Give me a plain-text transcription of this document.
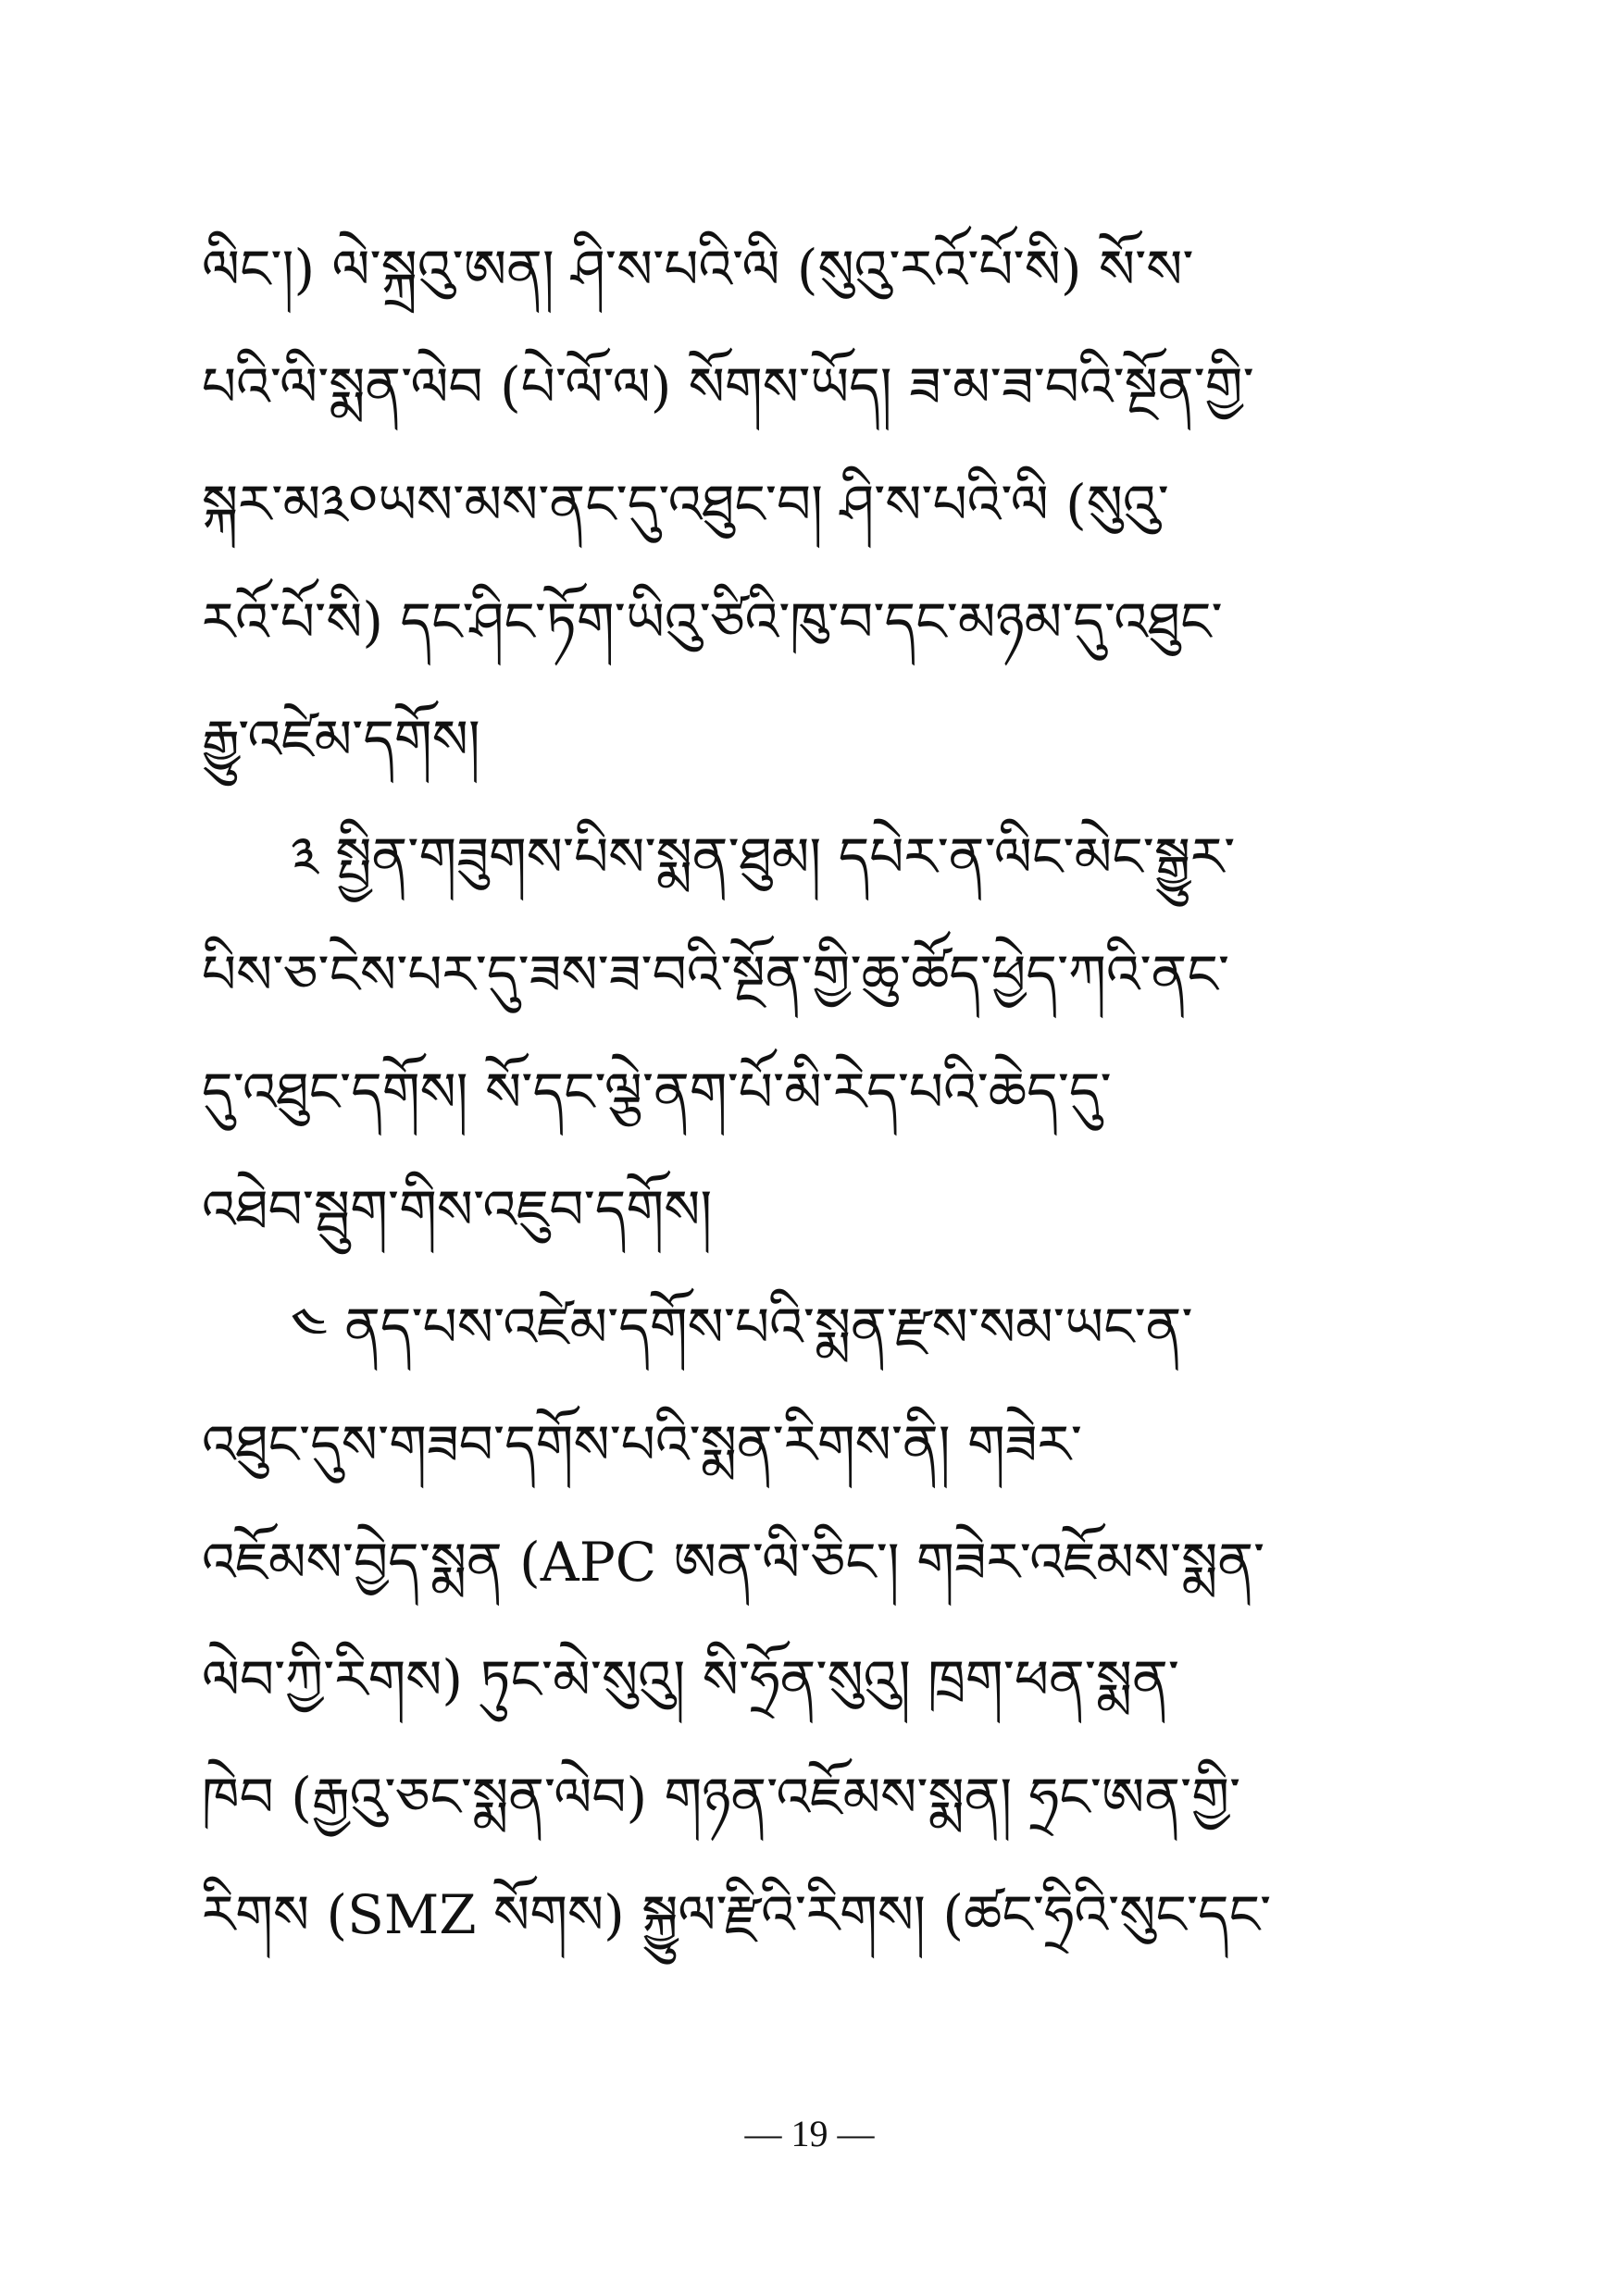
ལིང་།) ལེ་སྐྲའུ་ཨན། ཤི་ས་པའི་ལི (སུའུ་རའོ་པོ་སི) སོ་ས་
པའི་ལི་སྨན་ལེབ (པེ་ལོ་ལ) སོགས་ཡོད། ཟ་མ་ཟ་བའི་སྔོན་གྱི་
སྐར་མ༣༠ཡས་མས་ནང་དུ་འཐུང་བ། ཤི་ས་པའི་ལི (སུའུ་
རའོ་པོ་སི) དང་ཤིང་ཏོག་ཡིའུ་ཙིའི་ཁུ་བ་དང་མཉམ་དུ་འཐུང་
རྒྱུ་འཛེམ་དགོས།
༣ སྤྱིན་གཟུགས་པིས་སྨན་ཐུམ། དཔེར་ན་ལིང་མེང་སྒྱུར་
པིས་ཅ་ངེས་པར་དུ་ཟས་ཟ་བའི་སྔོན་གྱི་ཆུ་ཚོད་ཕྱེད་ཀའི་ནང་
དུ་འཐུང་དགོས། སོ་དང་ལྕེ་ནག་པོ་མི་རེད་པའི་ཆེད་དུ་
འཐེབ་སྦུག་གིས་འཇུབ་དགོས།
༤ ནད་པས་འཛེམ་དགོས་པའི་སྨན་རྫས་སམ་ཡང་ན་
འཐུང་དུས་གཟབ་དགོས་པའི་སྨན་རིགས་ནི། གཟེར་
འཇོམས་བྱེད་སྨན (APC ཨན་ལི་ཅིང་། གཟེར་འཇོམས་སྨན་
ལེབ་ཀྱི་རིགས) ཏུང་མེ་སུའུ། སི་ཧྲོན་སུའུ། ཁྲག་ཕན་སྨན་
ཁེབ (རྒྱའུ་ཅང་སྨན་ལེབ) གཉན་འཇོམས་སྨན། ཧྲང་ཨན་གྱི་
རིགས (SMZ སོགས) སྐྱུལ་རྫིའི་རིགས། (ཚང་ཧྲིའི་སུང་དང་
— 19 —
